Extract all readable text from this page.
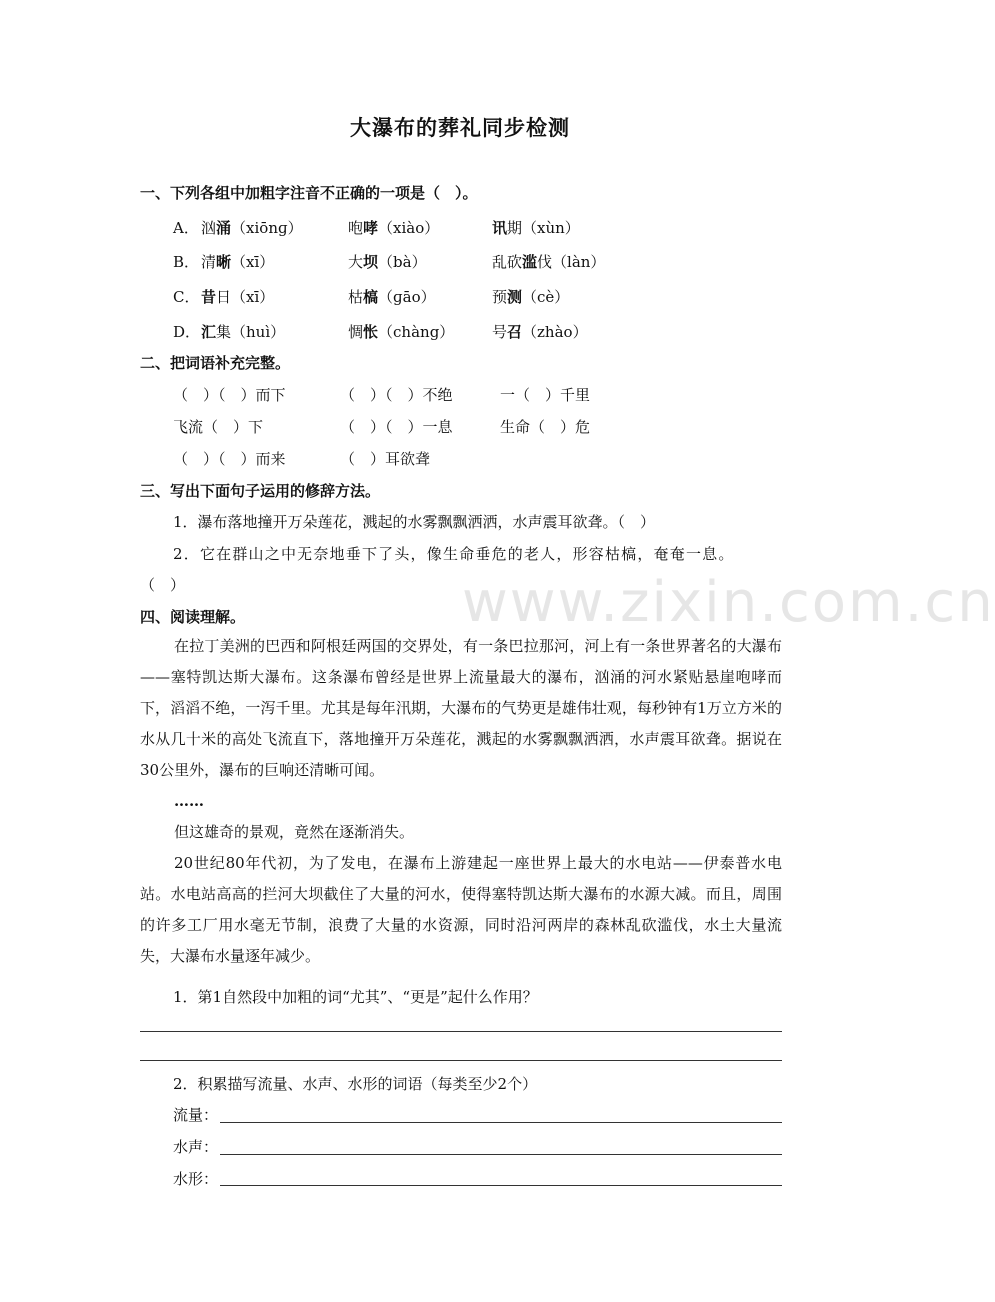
大瀑布的葬礼同步检测
一、下列各组中加粗字注音不正确的一项是（　）。
A． 汹涌（xiōnɡ）	咆哮（xiào）	讯期（xùn）
B． 清晰（xī）	大坝（bà）	乱砍滥伐（làn）
C． 昔日（xī）	枯槁（ɡāo）	预测（cè）
D． 汇集（huì）	惆怅（chàng）	号召（zhào）
二、把词语补充完整。
（　）（　）而下	（　）（　）不绝	一（　）千里
飞流（　）下	（　）（　）一息	生命（　）危
（　）（　）而来	（　）耳欲聋
三、写出下面句子运用的修辞方法。
1．瀑布落地撞开万朵莲花，溅起的水雾飘飘洒洒，水声震耳欲聋。（　）
2．它在群山之中无奈地垂下了头，像生命垂危的老人，形容枯槁，奄奄一息。
（　）
四、阅读理解。

在拉丁美洲的巴西和阿根廷两国的交界处，有一条巴拉那河，河上有一条世界著名的大瀑布——塞特凯达斯大瀑布。这条瀑布曾经是世界上流量最大的瀑布，汹涌的河水紧贴悬崖咆哮而下，滔滔不绝，一泻千里。尤其是每年汛期，大瀑布的气势更是雄伟壮观，每秒钟有1万立方米的水从几十米的高处飞流直下，落地撞开万朵莲花，溅起的水雾飘飘洒洒，水声震耳欲聋。据说在30公里外，瀑布的巨响还清晰可闻。

……

但这雄奇的景观，竟然在逐渐消失。

20世纪80年代初，为了发电，在瀑布上游建起一座世界上最大的水电站——伊泰普水电站。水电站高高的拦河大坝截住了大量的河水，使得塞特凯达斯大瀑布的水源大减。而且，周围的许多工厂用水毫无节制，浪费了大量的水资源，同时沿河两岸的森林乱砍滥伐，水土大量流失，大瀑布水量逐年减少。

1．第1自然段中加粗的词“尤其”、“更是”起什么作用？
2．积累描写流量、水声、水形的词语（每类至少2个）
流量：
水声：
水形：
www.zixin.com.cn
